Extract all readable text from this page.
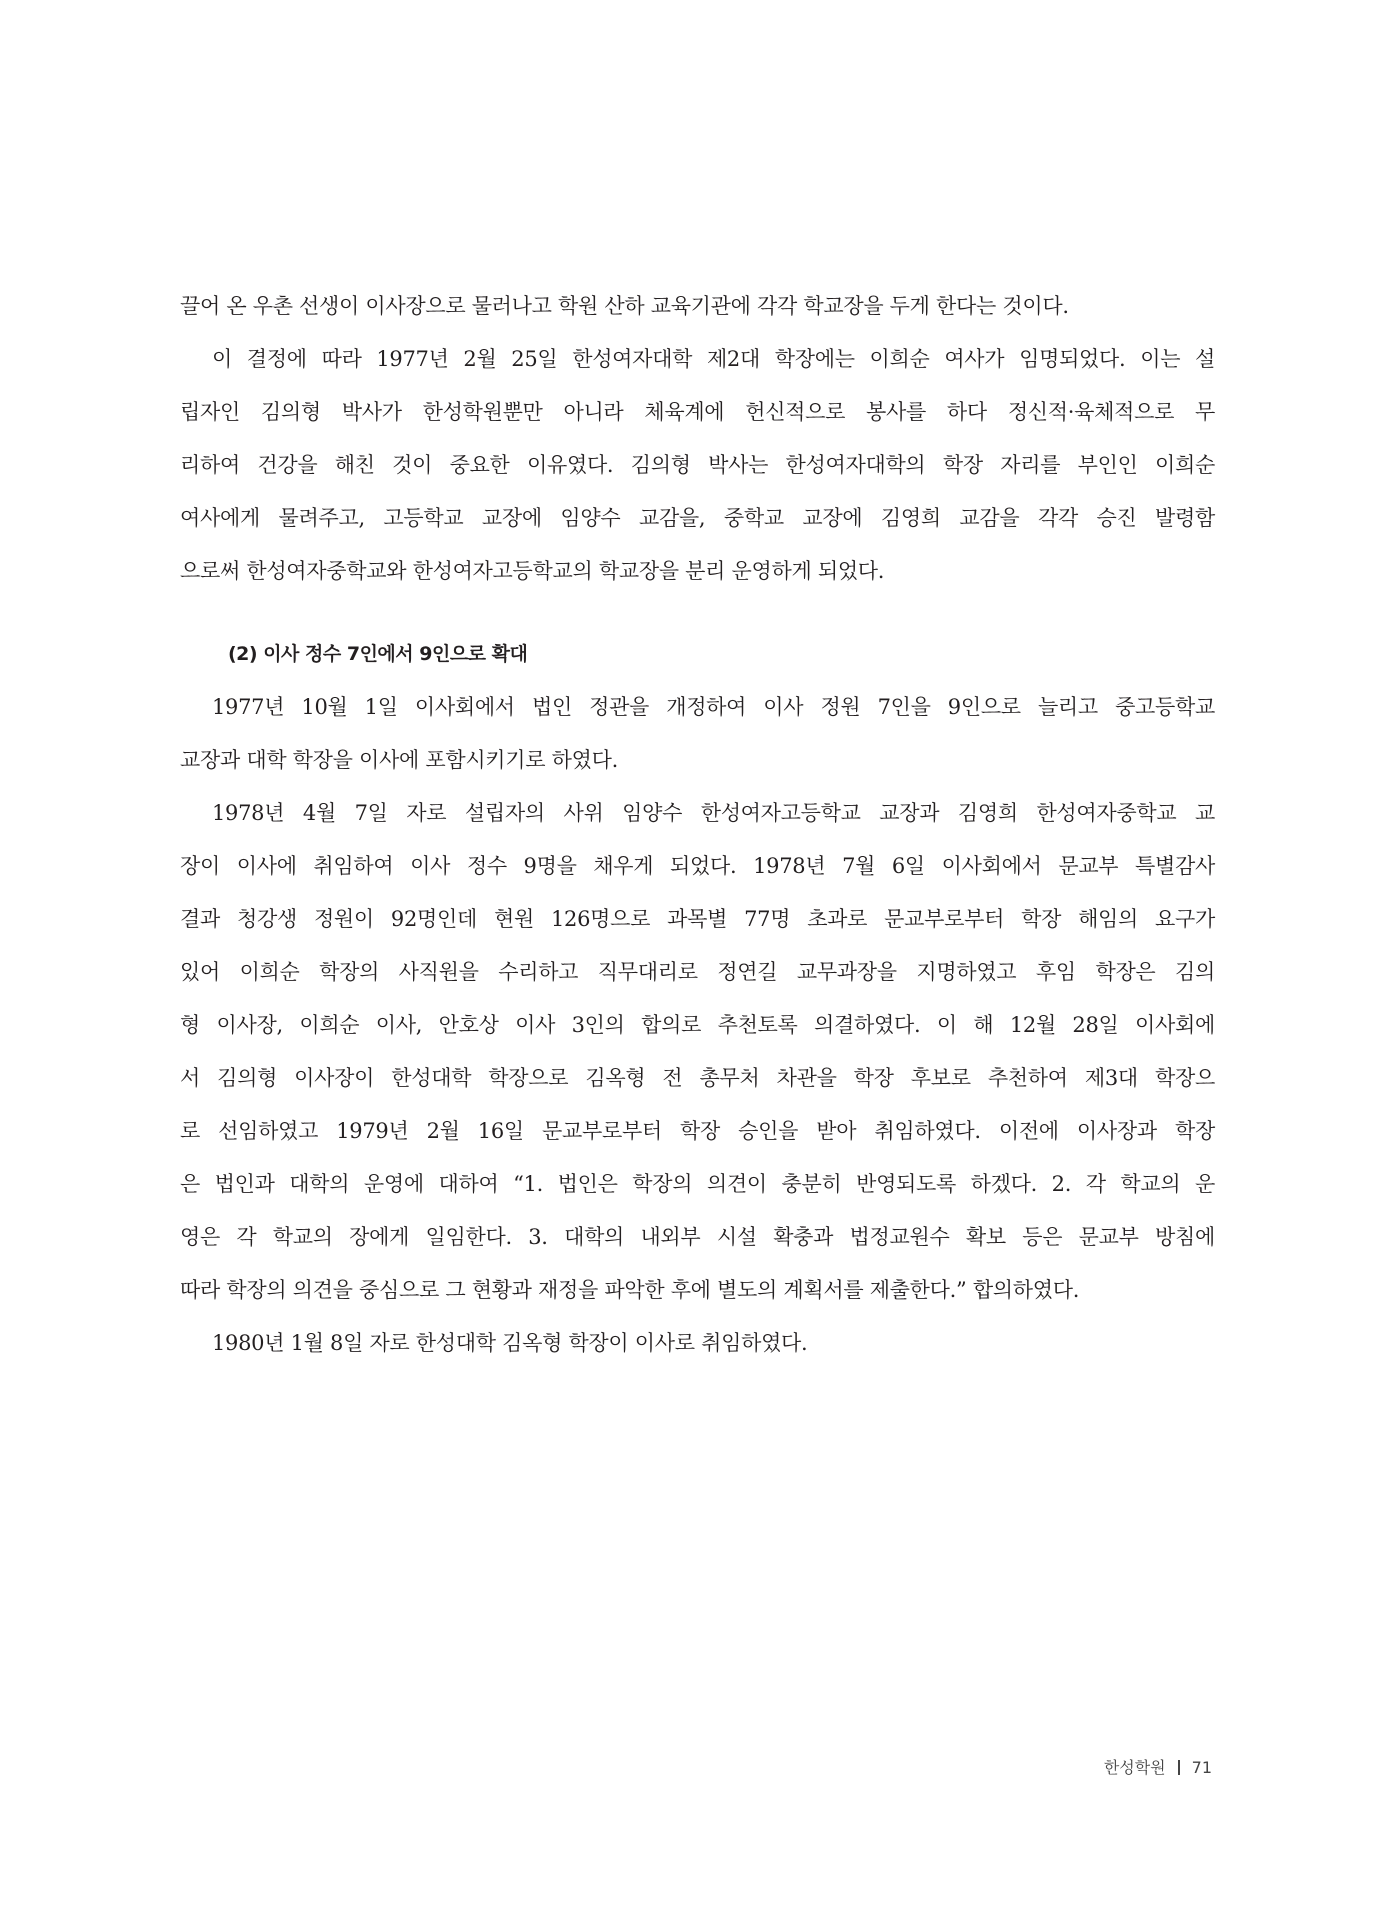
끌어 온 우촌 선생이 이사장으로 물러나고 학원 산하 교육기관에 각각 학교장을 두게 한다는 것이다.
이 결정에 따라 1977년 2월 25일 한성여자대학 제2대 학장에는 이희순 여사가 임명되었다. 이는 설
립자인 김의형 박사가 한성학원뿐만 아니라 체육계에 헌신적으로 봉사를 하다 정신적·육체적으로 무
리하여 건강을 해친 것이 중요한 이유였다. 김의형 박사는 한성여자대학의 학장 자리를 부인인 이희순
여사에게 물려주고, 고등학교 교장에 임양수 교감을, 중학교 교장에 김영희 교감을 각각 승진 발령함
으로써 한성여자중학교와 한성여자고등학교의 학교장을 분리 운영하게 되었다.
(2) 이사 정수 7인에서 9인으로 확대
1977년 10월 1일 이사회에서 법인 정관을 개정하여 이사 정원 7인을 9인으로 늘리고 중고등학교
교장과 대학 학장을 이사에 포함시키기로 하였다.
1978년 4월 7일 자로 설립자의 사위 임양수 한성여자고등학교 교장과 김영희 한성여자중학교 교
장이 이사에 취임하여 이사 정수 9명을 채우게 되었다. 1978년 7월 6일 이사회에서 문교부 특별감사
결과 청강생 정원이 92명인데 현원 126명으로 과목별 77명 초과로 문교부로부터 학장 해임의 요구가
있어 이희순 학장의 사직원을 수리하고 직무대리로 정연길 교무과장을 지명하였고 후임 학장은 김의
형 이사장, 이희순 이사, 안호상 이사 3인의 합의로 추천토록 의결하였다. 이 해 12월 28일 이사회에
서 김의형 이사장이 한성대학 학장으로 김옥형 전 총무처 차관을 학장 후보로 추천하여 제3대 학장으
로 선임하였고 1979년 2월 16일 문교부로부터 학장 승인을 받아 취임하였다. 이전에 이사장과 학장
은 법인과 대학의 운영에 대하여 “1. 법인은 학장의 의견이 충분히 반영되도록 하겠다. 2. 각 학교의 운
영은 각 학교의 장에게 일임한다. 3. 대학의 내외부 시설 확충과 법정교원수 확보 등은 문교부 방침에
따라 학장의 의견을 중심으로 그 현황과 재정을 파악한 후에 별도의 계획서를 제출한다.” 합의하였다.
1980년 1월 8일 자로 한성대학 김옥형 학장이 이사로 취임하였다.
한성학원 71
